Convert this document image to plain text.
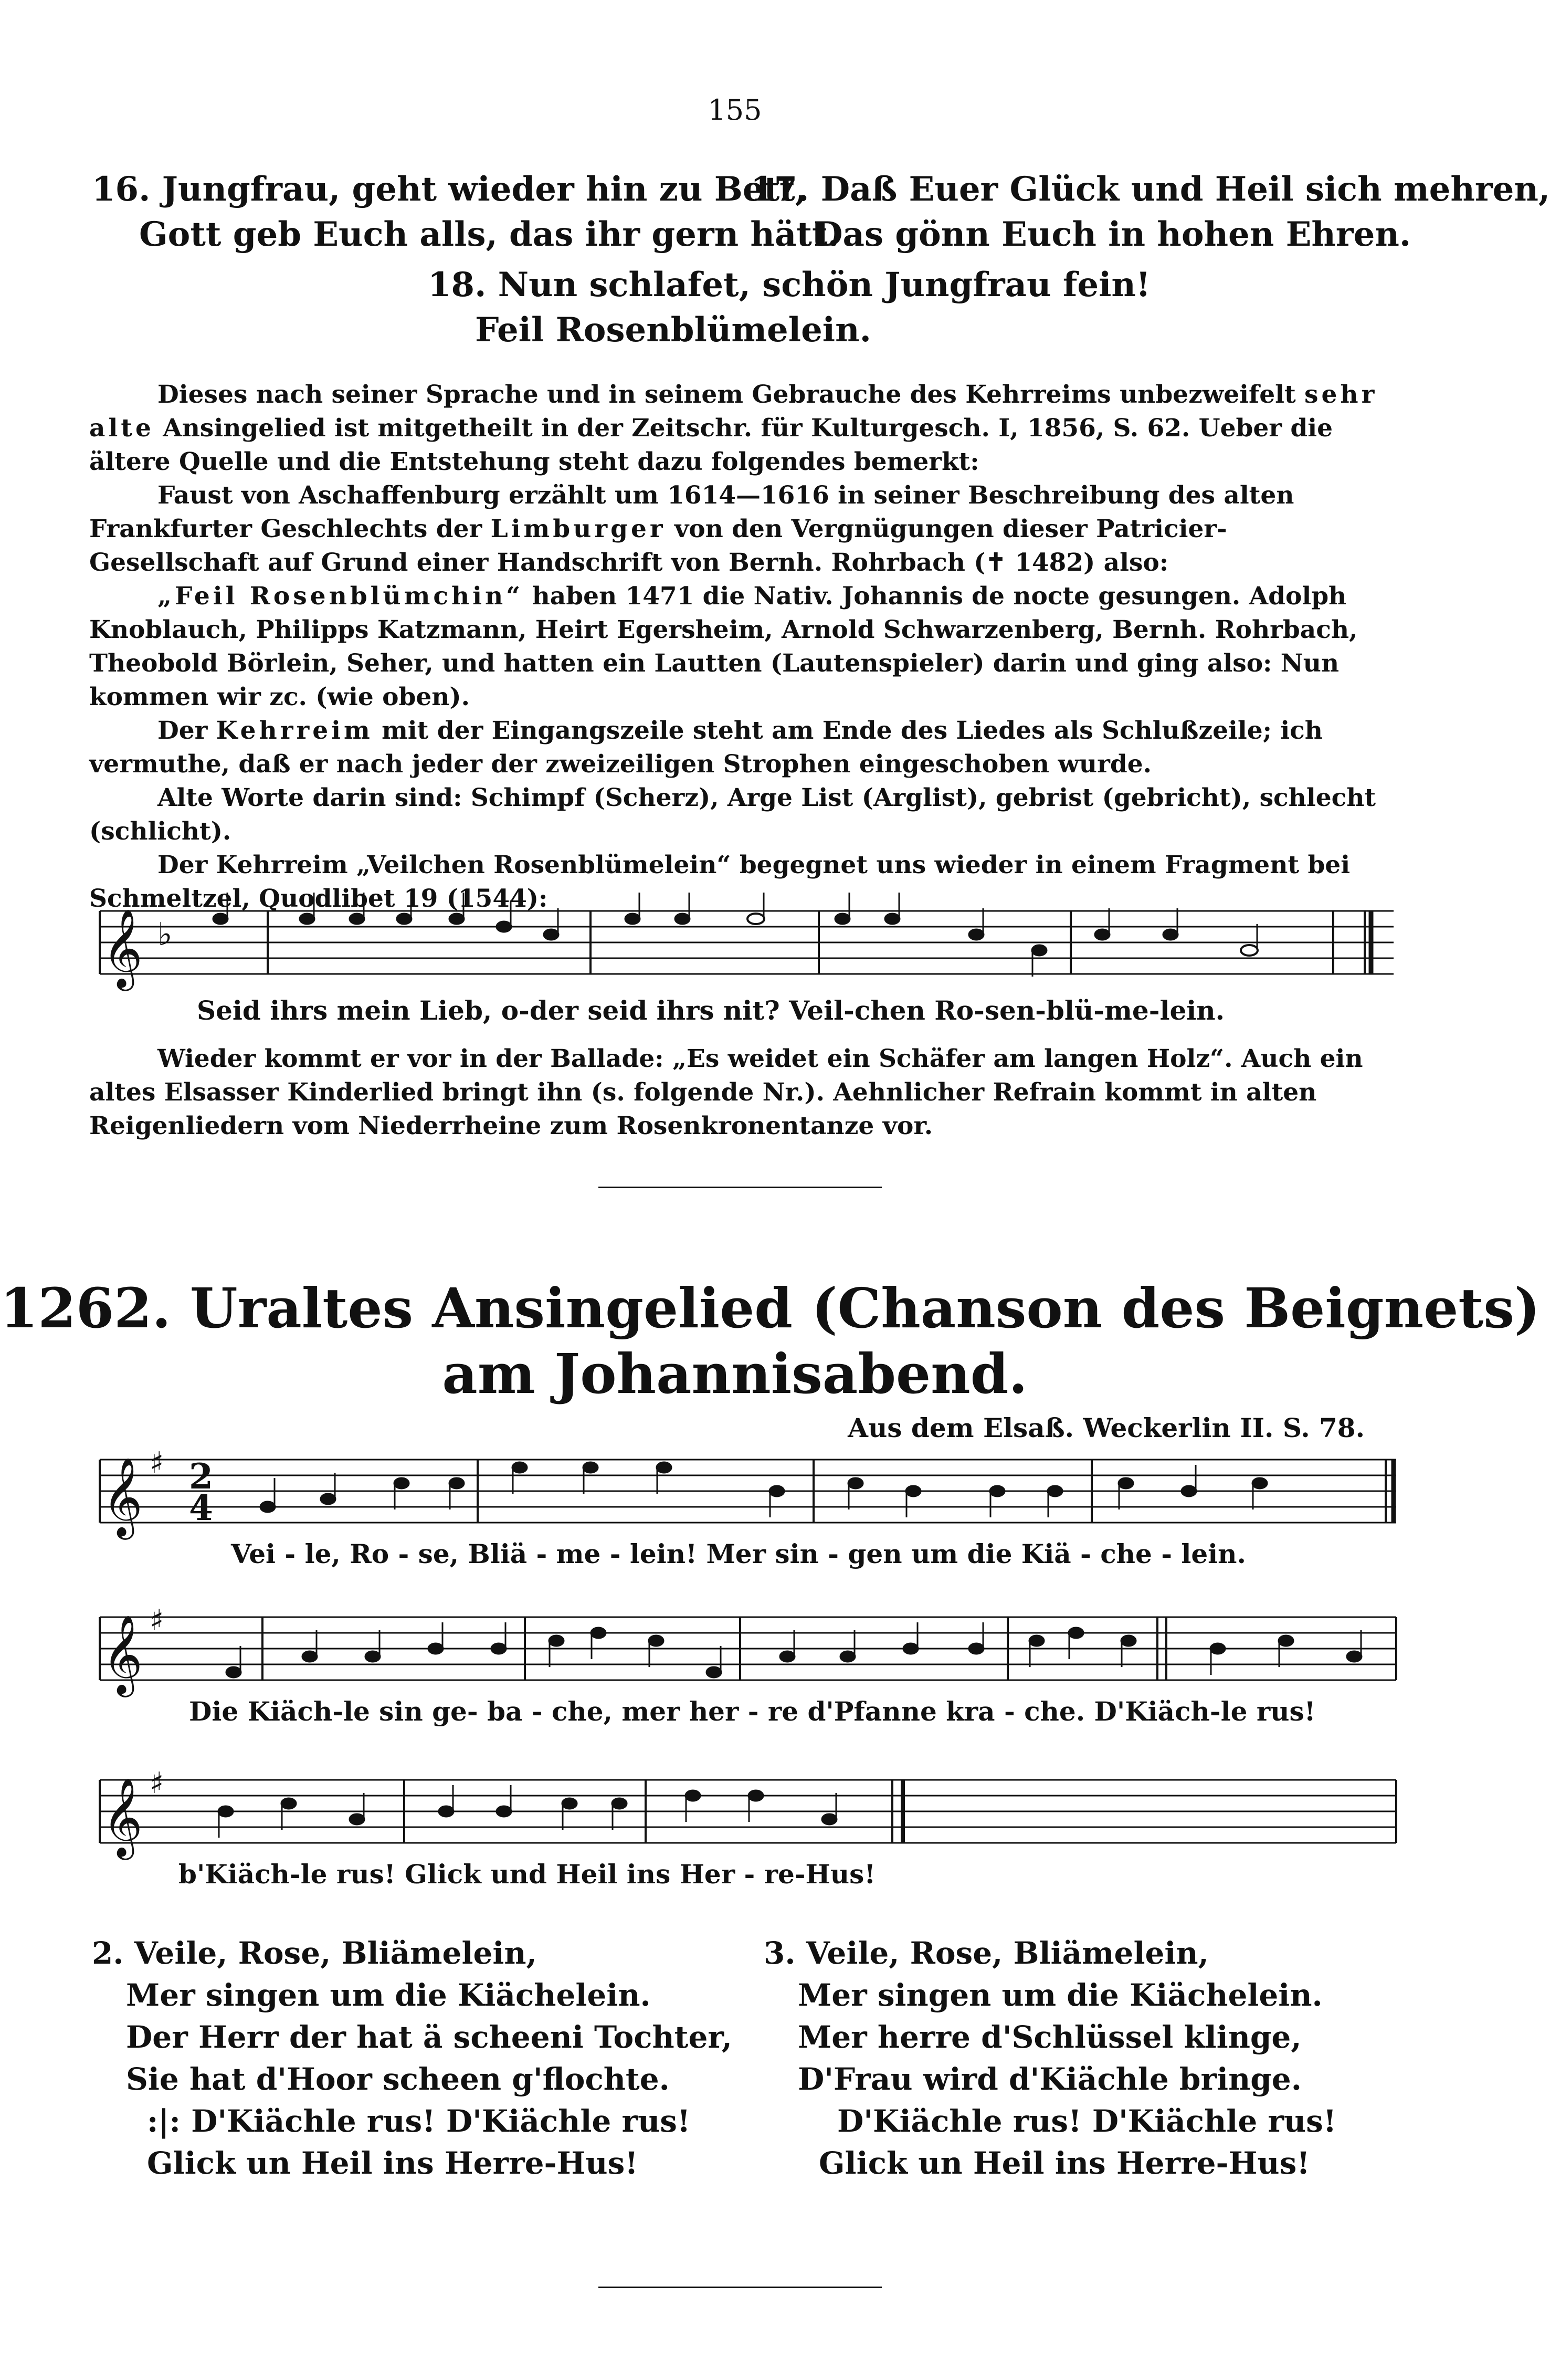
155
16. Jungfrau, geht wieder hin zu Bett,
Gott geb Euch alls, das ihr gern hätt.
17. Daß Euer Glück und Heil sich mehren,
Das gönn Euch in hohen Ehren.
18. Nun schlafet, schön Jungfrau fein!
Feil Rosenblümelein.

Dieses nach seiner Sprache und in seinem Gebrauche des Kehrreims unbezweifelt sehr alte Ansingelied ist mitgetheilt in der Zeitschr. für Kulturgesch. I, 1856, S. 62. Ueber die ältere Quelle und die Entstehung steht dazu folgendes bemerkt:

Faust von Aschaffenburg erzählt um 1614—1616 in seiner Beschreibung des alten Frankfurter Geschlechts der Limburger von den Vergnügungen dieser Patricier-Gesellschaft auf Grund einer Handschrift von Bernh. Rohrbach (✝ 1482) also:

„Feil Rosenblümchin“ haben 1471 die Nativ. Johannis de nocte gesungen. Adolph Knoblauch, Philipps Katzmann, Heirt Egersheim, Arnold Schwarzenberg, Bernh. Rohrbach, Theobold Börlein, Seher, und hatten ein Lautten (Lautenspieler) darin und ging also: Nun kommen wir zc. (wie oben).

Der Kehrreim mit der Eingangszeile steht am Ende des Liedes als Schlußzeile; ich vermuthe, daß er nach jeder der zweizeiligen Strophen eingeschoben wurde.

Alte Worte darin sind: Schimpf (Scherz), Arge List (Arglist), gebrist (gebricht), schlecht (schlicht).

Der Kehrreim „Veilchen Rosenblümelein“ begegnet uns wieder in einem Fragment bei Schmeltzel, Quodlibet 19 (1544):

𝄞 ♭
𝄞 ♯ 2
4
𝄞 ♯
𝄞 ♯
Seid ihrs mein Lieb, o-der seid ihrs nit? Veil-chen Ro-sen-blü-me-lein.

Wieder kommt er vor in der Ballade: „Es weidet ein Schäfer am langen Holz“. Auch ein altes Elsasser Kinderlied bringt ihn (s. folgende Nr.). Aehnlicher Refrain kommt in alten Reigenliedern vom Niederrheine zum Rosenkronentanze vor.

1262. Uraltes Ansingelied (Chanson des Beignets)
am Johannisabend.
Aus dem Elsaß. Weckerlin II. S. 78.
Vei - le, Ro - se, Bliä - me - lein! Mer sin - gen um die Kiä - che - lein.
Die Kiäch-le sin ge- ba - che, mer her - re d'Pfanne kra - che. D'Kiäch-le rus!
b'Kiäch-le rus! Glick und Heil ins Her - re-Hus!
2. Veile, Rose, Bliämelein,
Mer singen um die Kiächelein.
Der Herr der hat ä scheeni Tochter,
Sie hat d'Hoor scheen g'flochte.
:|: D'Kiächle rus! D'Kiächle rus!
Glick un Heil ins Herre-Hus!
3. Veile, Rose, Bliämelein,
Mer singen um die Kiächelein.
Mer herre d'Schlüssel klinge,
D'Frau wird d'Kiächle bringe.
D'Kiächle rus! D'Kiächle rus!
Glick un Heil ins Herre-Hus!
